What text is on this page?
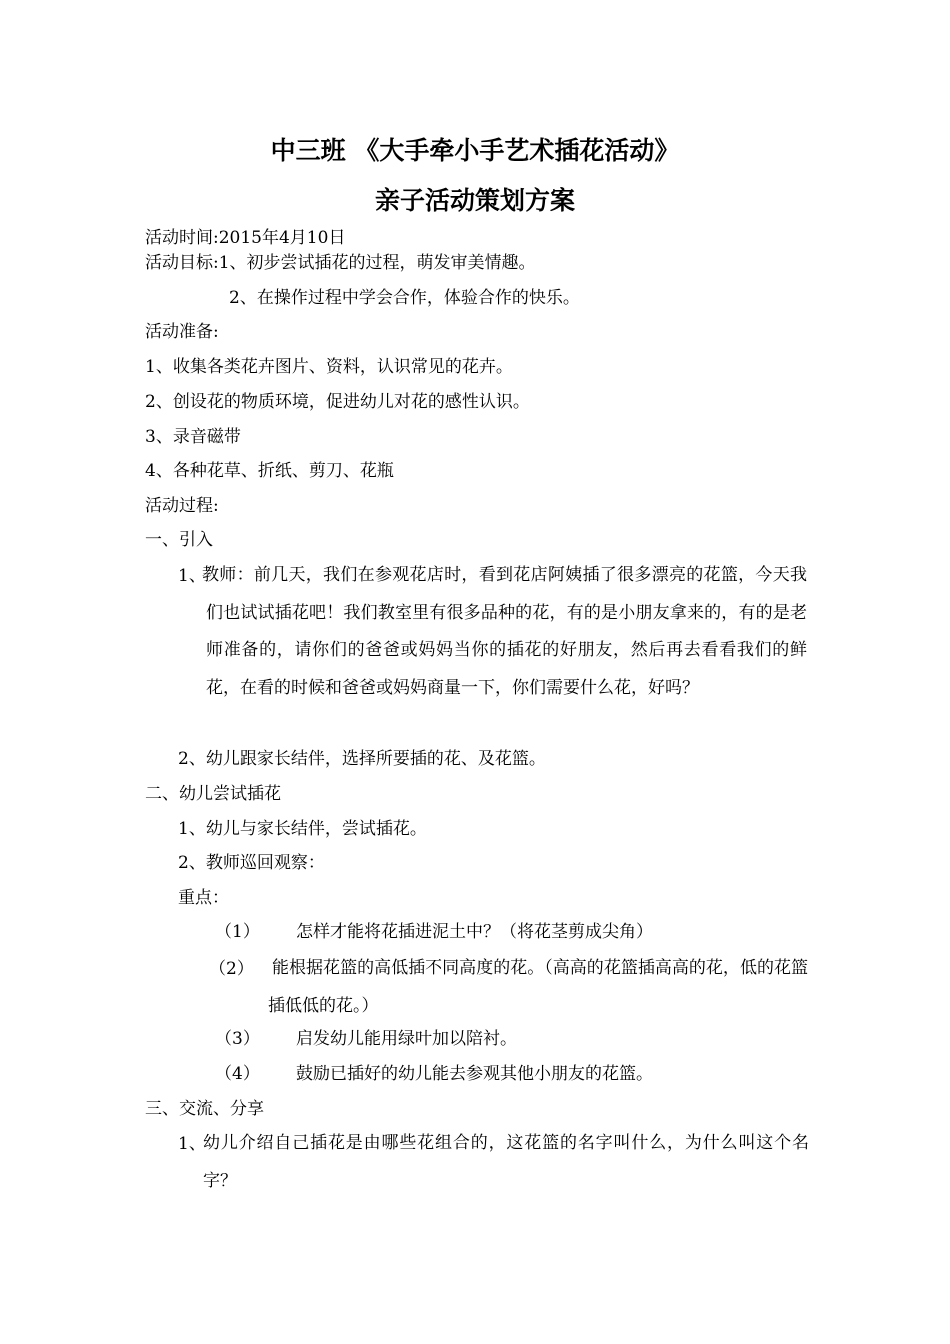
中三班 《大手牵小手艺术插花活动》
亲子活动策划方案
活动时间:2015年4月10日
活动目标:1、初步尝试插花的过程，萌发审美情趣。
2、在操作过程中学会合作，体验合作的快乐。
活动准备:
1、收集各类花卉图片、资料，认识常见的花卉。
2、创设花的物质环境，促进幼儿对花的感性认识。
3、录音磁带
4、各种花草、折纸、剪刀、花瓶
活动过程:
一、引入
1、
教师：前几天，我们在参观花店时，看到花店阿姨插了很多漂亮的花篮，今天我们也试试插花吧！我们教室里有很多品种的花，有的是小朋友拿来的，有的是老师准备的，请你们的爸爸或妈妈当你的插花的好朋友，然后再去看看我们的鲜花，在看的时候和爸爸或妈妈商量一下，你们需要什么花，好吗？
2、幼儿跟家长结伴，选择所要插的花、及花篮。
二、幼儿尝试插花
1、幼儿与家长结伴，尝试插花。
2、教师巡回观察：
重点：
（1） 怎样才能将花插进泥土中？（将花茎剪成尖角）
（2） 能根据花篮的高低插不同高度的花。（高高的花篮插高高的花，低的花篮插低低的花。）
（3） 启发幼儿能用绿叶加以陪衬。
（4） 鼓励已插好的幼儿能去参观其他小朋友的花篮。
三、交流、分享
1、
幼儿介绍自己插花是由哪些花组合的，这花篮的名字叫什么，为什么叫这个名字？
